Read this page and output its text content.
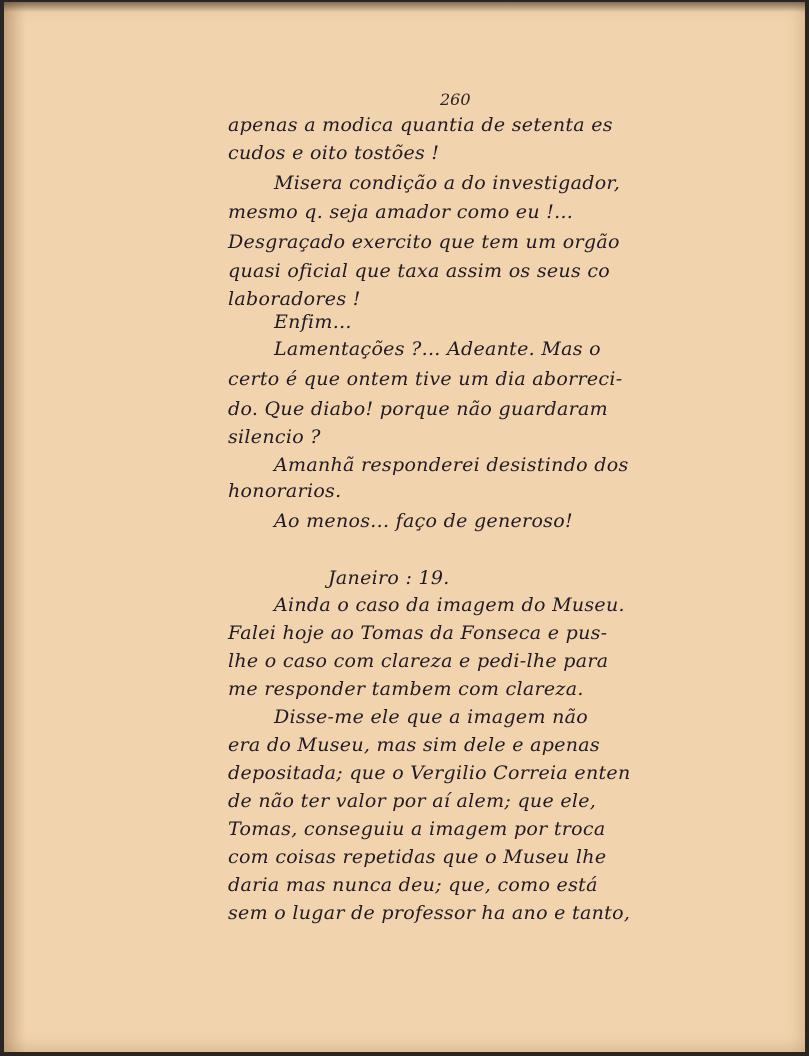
260
apenas a modica quantia de setenta es
cudos e oito tostões !
Misera condição a do investigador,
mesmo q. seja amador como eu !...
Desgraçado exercito que tem um orgão
quasi oficial que taxa assim os seus co
laboradores !
Enfim...
Lamentações ?... Adeante. Mas o
certo é que ontem tive um dia aborreci-
do. Que diabo! porque não guardaram
silencio ?
Amanhã responderei desistindo dos
honorarios.
Ao menos... faço de generoso!
Janeiro : 19.
Ainda o caso da imagem do Museu.
Falei hoje ao Tomas da Fonseca e pus-
lhe o caso com clareza e pedi-lhe para
me responder tambem com clareza.
Disse-me ele que a imagem não
era do Museu, mas sim dele e apenas
depositada; que o Vergilio Correia enten
de não ter valor por aí alem; que ele,
Tomas, conseguiu a imagem por troca
com coisas repetidas que o Museu lhe
daria mas nunca deu; que, como está
sem o lugar de professor ha ano e tanto,
